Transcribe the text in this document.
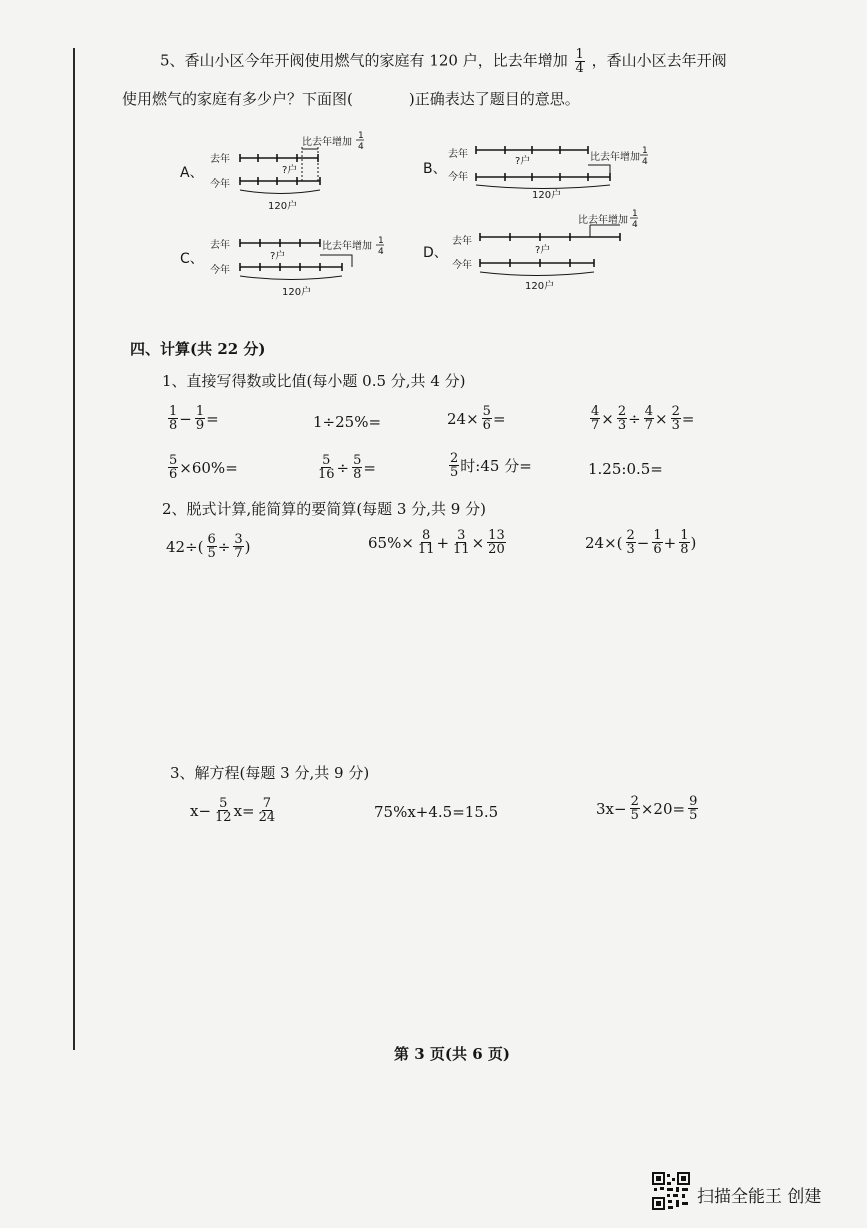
5、香山小区今年开阀使用燃气的家庭有 120 户，比去年增加 $\frac{1}{4}$ ，香山小区去年开阀
使用燃气的家庭有多少户？下面图(	)正确表达了题目的意思。
A、
去年
今年
?户
120户
比去年增加
1
4
B、
去年
今年
?户
120户
比去年增加
1
4
C、
去年
今年
?户
120户
比去年增加 1
4	D、
去年
今年
?户
120户
比去年增加
1
4
四、计算(共 22 分)
1、直接写得数或比值(每小题 0.5 分,共 4 分)
$\frac{1}{8} - \frac{1}{9}$ =	1÷25%=	$24\times \frac{5}{6}$ =	$\frac{4}{7} \times \frac{2}{3} \div \frac{4}{7} \times \frac{2}{3}$ =
$\frac{5}{6} \times 60\%=$	$\frac{5}{16} \div \frac{5}{8}$ =	$\frac{2}{5}$ 时:45 分=	1.25:0.5=
2、脱式计算,能简算的要简算(每题 3 分,共 9 分)
$42\div( \frac{6}{5} \div \frac{3}{7}$ )	$65\%\times \frac{8}{11} + \frac{3}{11} \times \frac{13}{20}$	$24\times( \frac{2}{3} - \frac{1}{6} + \frac{1}{8}$ )
3、解方程(每题 3 分,共 9 分)
$x- \frac{5}{12} x= \frac{7}{24}$	75%x+4.5=15.5	$3x- \frac{2}{5} \times 20= \frac{9}{5}$
第 3 页(共 6 页)
扫描全能王 创建
